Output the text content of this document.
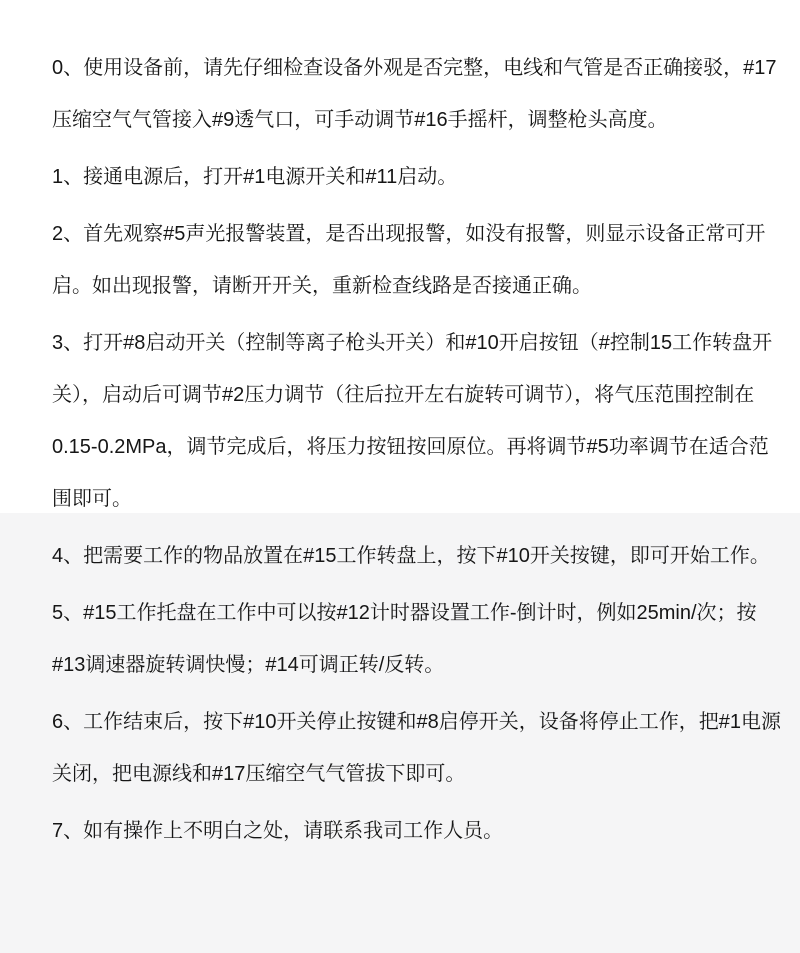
0、使用设备前，请先仔细检查设备外观是否完整，电线和气管是否正确接驳，#17
压缩空气气管接入#9透气口，可手动调节#16手摇杆，调整枪头高度。

1、接通电源后，打开#1电源开关和#11启动。

2、首先观察#5声光报警装置，是否出现报警，如没有报警，则显示设备正常可开
启。如出现报警，请断开开关，重新检查线路是否接通正确。

3、打开#8启动开关（控制等离子枪头开关）和#10开启按钮（#控制15工作转盘开
关），启动后可调节#2压力调节（往后拉开左右旋转可调节），将气压范围控制在
0.15-0.2MPa，调节完成后，将压力按钮按回原位。再将调节#5功率调节在适合范
围即可。

4、把需要工作的物品放置在#15工作转盘上，按下#10开关按键，即可开始工作。

5、#15工作托盘在工作中可以按#12计时器设置工作-倒计时，例如25min/次；按
#13调速器旋转调快慢；#14可调正转/反转。

6、工作结束后，按下#10开关停止按键和#8启停开关，设备将停止工作，把#1电源
关闭，把电源线和#17压缩空气气管拔下即可。

7、如有操作上不明白之处，请联系我司工作人员。
